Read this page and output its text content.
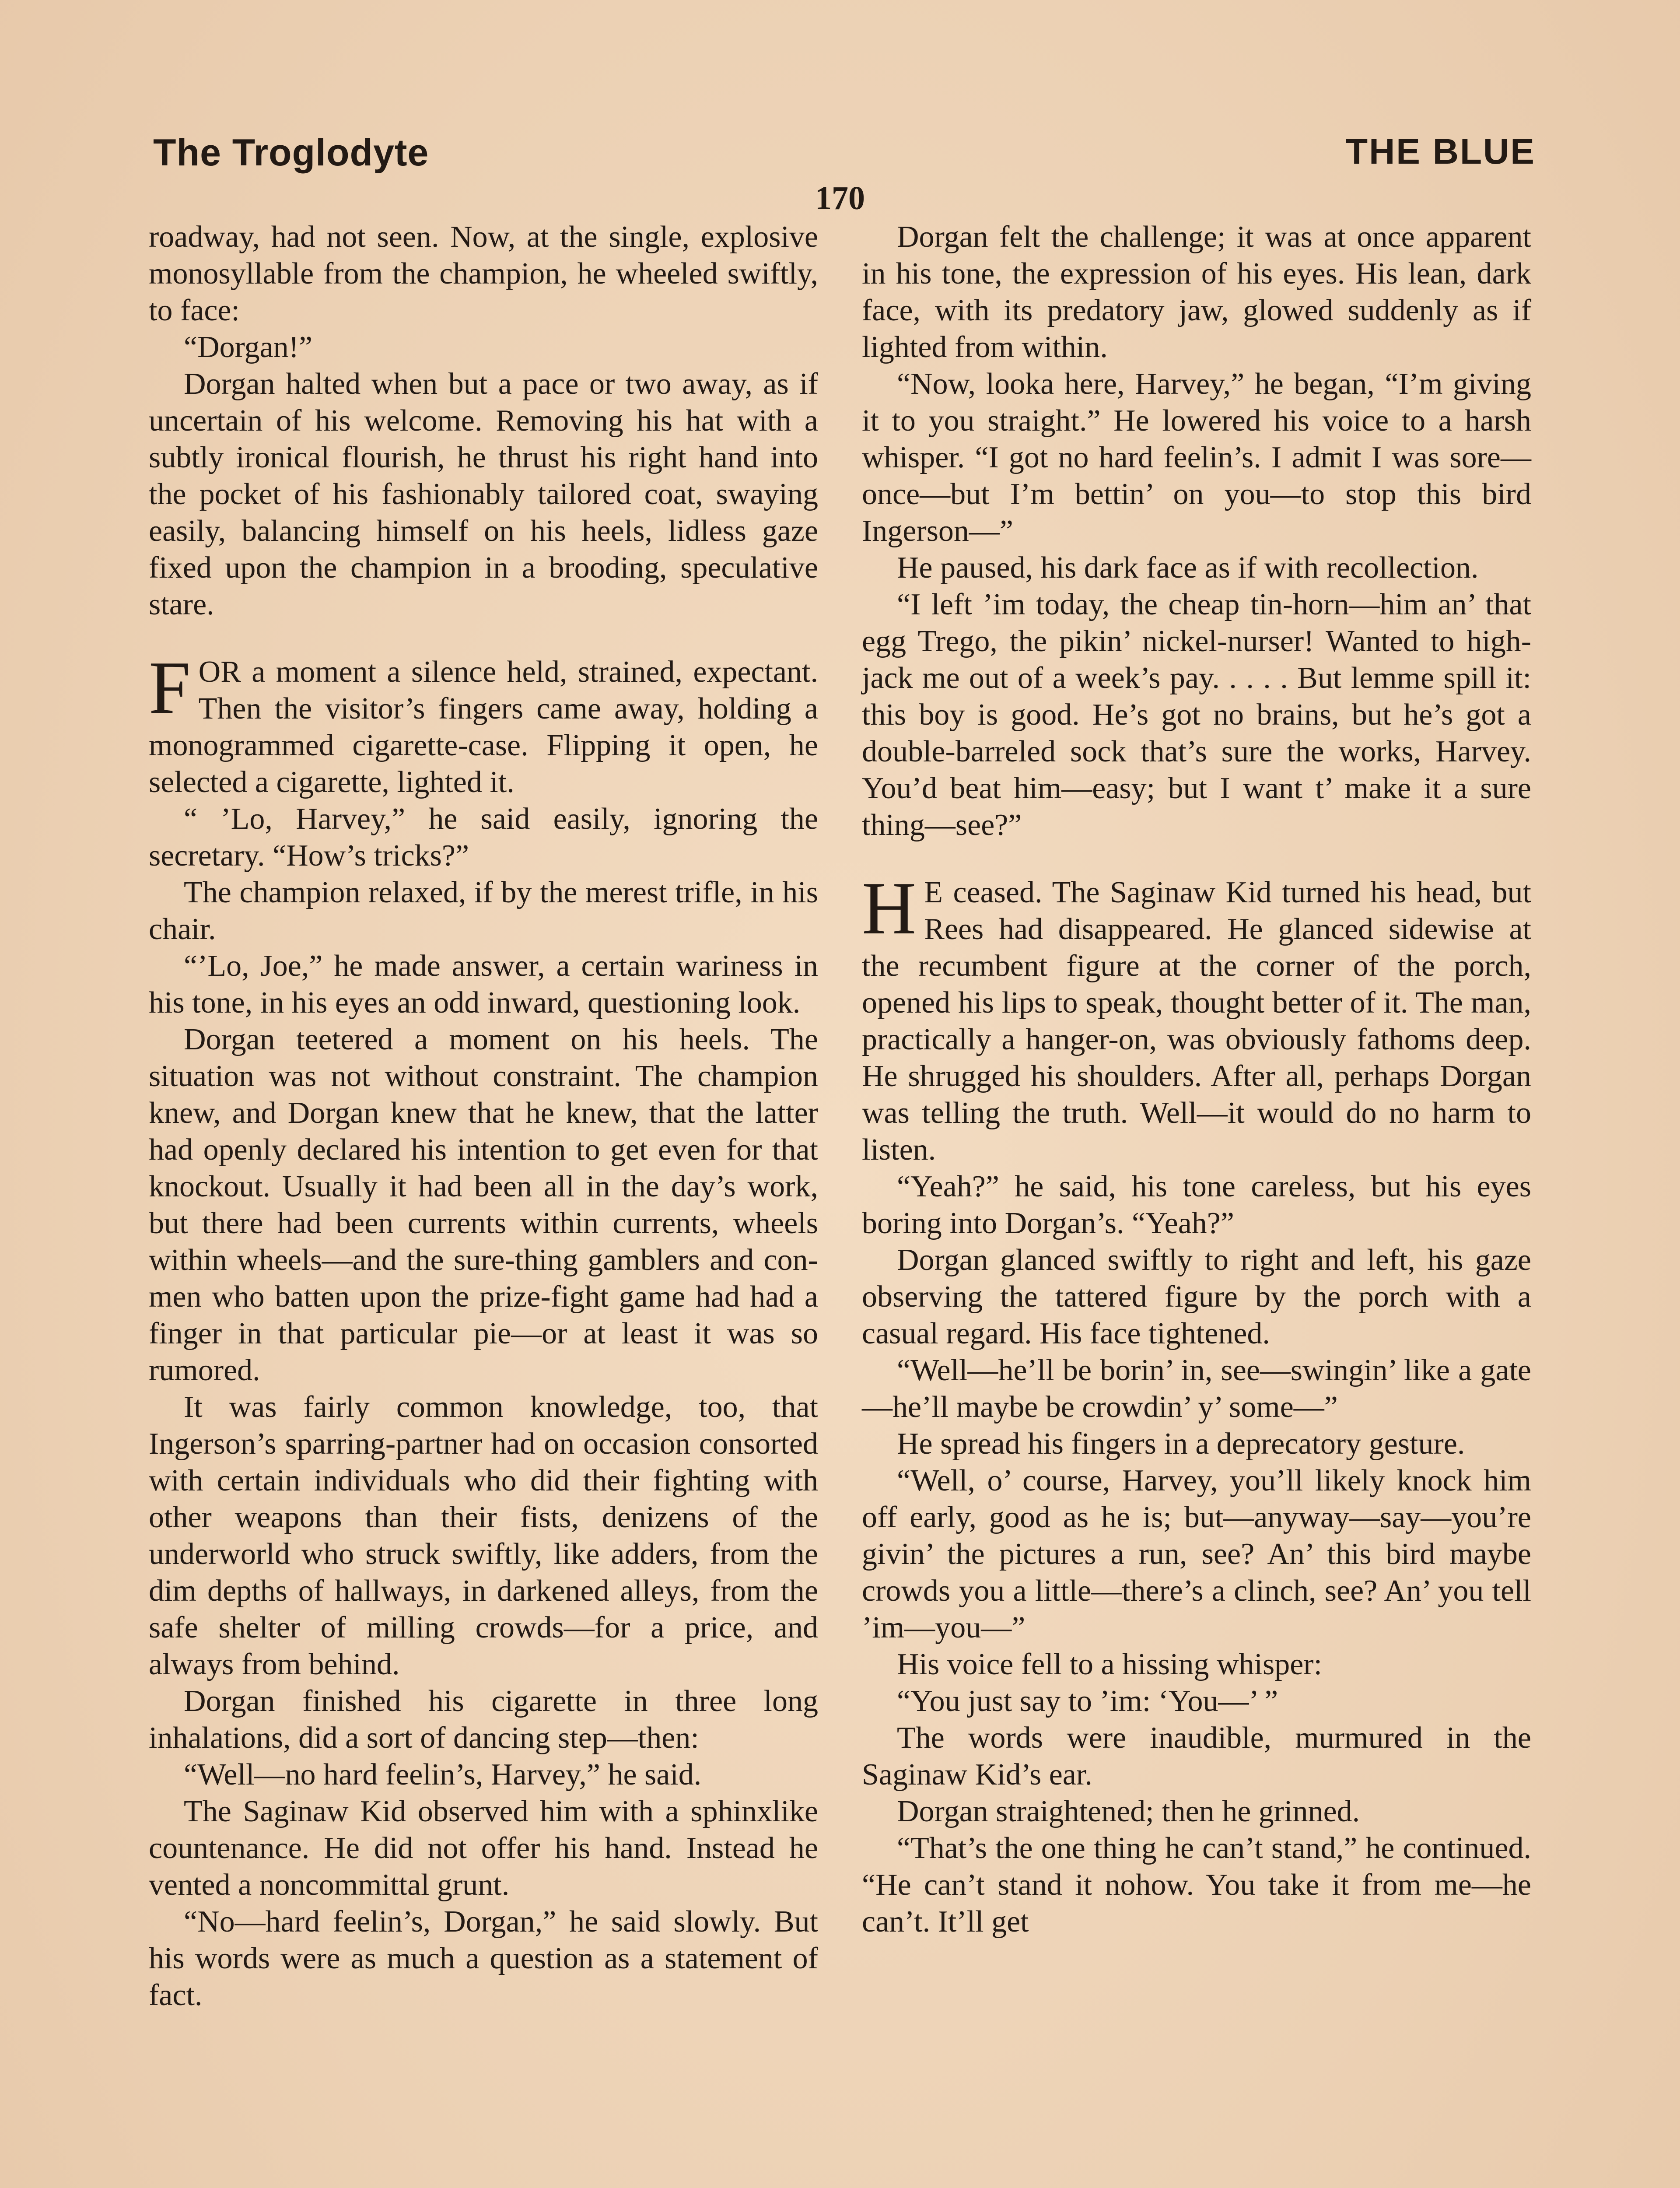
The Troglodyte	THE BLUE
170

roadway, had not seen. Now, at the single, explosive monosyllable from the champion, he wheeled swiftly, to face:

“Dorgan!”

Dorgan halted when but a pace or two away, as if uncertain of his welcome. Removing his hat with a subtly ironical flourish, he thrust his right hand into the pocket of his fashionably tailored coat, swaying easily, balancing himself on his heels, lidless gaze fixed upon the champion in a brooding, speculative stare.

FOR a moment a silence held, strained, expectant. Then the visitor’s fingers came away, holding a monogrammed cigarette-case. Flipping it open, he selected a cigarette, lighted it.

“ ’Lo, Harvey,” he said easily, ignoring the secretary. “How’s tricks?”

The champion relaxed, if by the merest trifle, in his chair.

“’Lo, Joe,” he made answer, a certain wariness in his tone, in his eyes an odd inward, questioning look.

Dorgan teetered a moment on his heels. The situation was not without constraint. The champion knew, and Dorgan knew that he knew, that the latter had openly declared his intention to get even for that knockout. Usually it had been all in the day’s work, but there had been currents within currents, wheels within wheels—and the sure-thing gamblers and con-men who batten upon the prize-fight game had had a finger in that particular pie—or at least it was so rumored.

It was fairly common knowledge, too, that Ingerson’s sparring-partner had on occasion consorted with certain individuals who did their fighting with other weapons than their fists, denizens of the underworld who struck swiftly, like adders, from the dim depths of hallways, in darkened alleys, from the safe shelter of milling crowds—for a price, and always from behind.

Dorgan finished his cigarette in three long inhalations, did a sort of dancing step—then:

“Well—no hard feelin’s, Harvey,” he said.

The Saginaw Kid observed him with a sphinxlike countenance. He did not offer his hand. Instead he vented a noncommittal grunt.

“No—hard feelin’s, Dorgan,” he said slowly. But his words were as much a question as a statement of fact.

Dorgan felt the challenge; it was at once apparent in his tone, the expression of his eyes. His lean, dark face, with its predatory jaw, glowed suddenly as if lighted from within.

“Now, looka here, Harvey,” he began, “I’m giving it to you straight.” He lowered his voice to a harsh whisper. “I got no hard feelin’s. I admit I was sore—once—but I’m bettin’ on you—to stop this bird Ingerson—”

He paused, his dark face as if with recollection.

“I left ’im today, the cheap tin-horn—him an’ that egg Trego, the pikin’ nickel-nurser! Wanted to high-jack me out of a week’s pay. . . . . But lemme spill it: this boy is good. He’s got no brains, but he’s got a double-barreled sock that’s sure the works, Harvey. You’d beat him—easy; but I want t’ make it a sure thing—see?”

H E ceased. The Saginaw Kid turned his head, but Rees had disappeared. He glanced sidewise at the recumbent figure at the corner of the porch, opened his lips to speak, thought better of it. The man, practically a hanger-on, was obviously fathoms deep. He shrugged his shoulders. After all, perhaps Dorgan was telling the truth. Well—it would do no harm to listen.

“Yeah?” he said, his tone careless, but his eyes boring into Dorgan’s. “Yeah?”

Dorgan glanced swiftly to right and left, his gaze observing the tattered figure by the porch with a casual regard. His face tightened.

“Well—he’ll be borin’ in, see—swingin’ like a gate—he’ll maybe be crowdin’ y’ some—”

He spread his fingers in a deprecatory gesture.

“Well, o’ course, Harvey, you’ll likely knock him off early, good as he is; but—anyway—say—you’re givin’ the pictures a run, see? An’ this bird maybe crowds you a little—there’s a clinch, see? An’ you tell ’im—you—”

His voice fell to a hissing whisper:

“You just say to ’im: ‘You—’ ”

The words were inaudible, murmured in the Saginaw Kid’s ear.

Dorgan straightened; then he grinned.

“That’s the one thing he can’t stand,” he continued. “He can’t stand it nohow. You take it from me—he can’t. It’ll get
